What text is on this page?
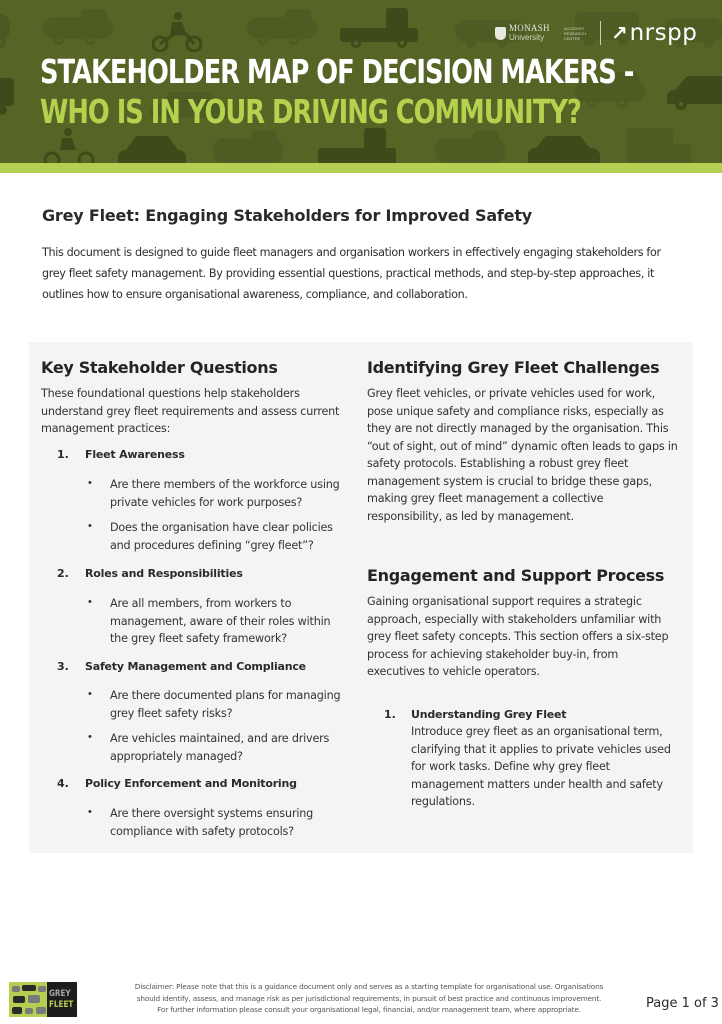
MONASH
University
ACCIDENT RESEARCH CENTRE	↗ nrspp
STAKEHOLDER MAP OF DECISION MAKERS -
WHO IS IN YOUR DRIVING COMMUNITY?
Grey Fleet: Engaging Stakeholders for Improved Safety

This document is designed to guide fleet managers and organisation workers in effectively engaging stakeholders for grey fleet safety management. By providing essential questions, practical methods, and step-by-step approaches, it outlines how to ensure organisational awareness, compliance, and collaboration.

Key Stakeholder Questions

These foundational questions help stakeholders understand grey fleet requirements and assess current management practices:

1. Fleet Awareness
• Are there members of the workforce using private vehicles for work purposes?

• Does the organisation have clear policies and procedures defining “grey fleet”?

2. Roles and Responsibilities
• Are all members, from workers to management, aware of their roles within the grey fleet safety framework?

3. Safety Management and Compliance
• Are there documented plans for managing grey fleet safety risks?

• Are vehicles maintained, and are drivers appropriately managed?

4. Policy Enforcement and Monitoring
• Are there oversight systems ensuring compliance with safety protocols?

Identifying Grey Fleet Challenges

Grey fleet vehicles, or private vehicles used for work, pose unique safety and compliance risks, especially as they are not directly managed by the organisation. This “out of sight, out of mind” dynamic often leads to gaps in safety protocols. Establishing a robust grey fleet management system is crucial to bridge these gaps, making grey fleet management a collective responsibility, as led by management.

Engagement and Support Process

Gaining organisational support requires a strategic approach, especially with stakeholders unfamiliar with grey fleet safety concepts. This section offers a six-step process for achieving stakeholder buy-in, from executives to vehicle operators.

1. Understanding Grey Fleet

Introduce grey fleet as an organisational term, clarifying that it applies to private vehicles used for work tasks. Define why grey fleet management matters under health and safety regulations.

GREY
FLEET
Disclaimer: Please note that this is a guidance document only and serves as a starting template for organisational use. Organisations
should identify, assess, and manage risk as per jurisdictional requirements, in pursuit of best practice and continuous improvement.
For further information please consult your organisational legal, financial, and/or management team, where appropriate.	Page 1 of 3
